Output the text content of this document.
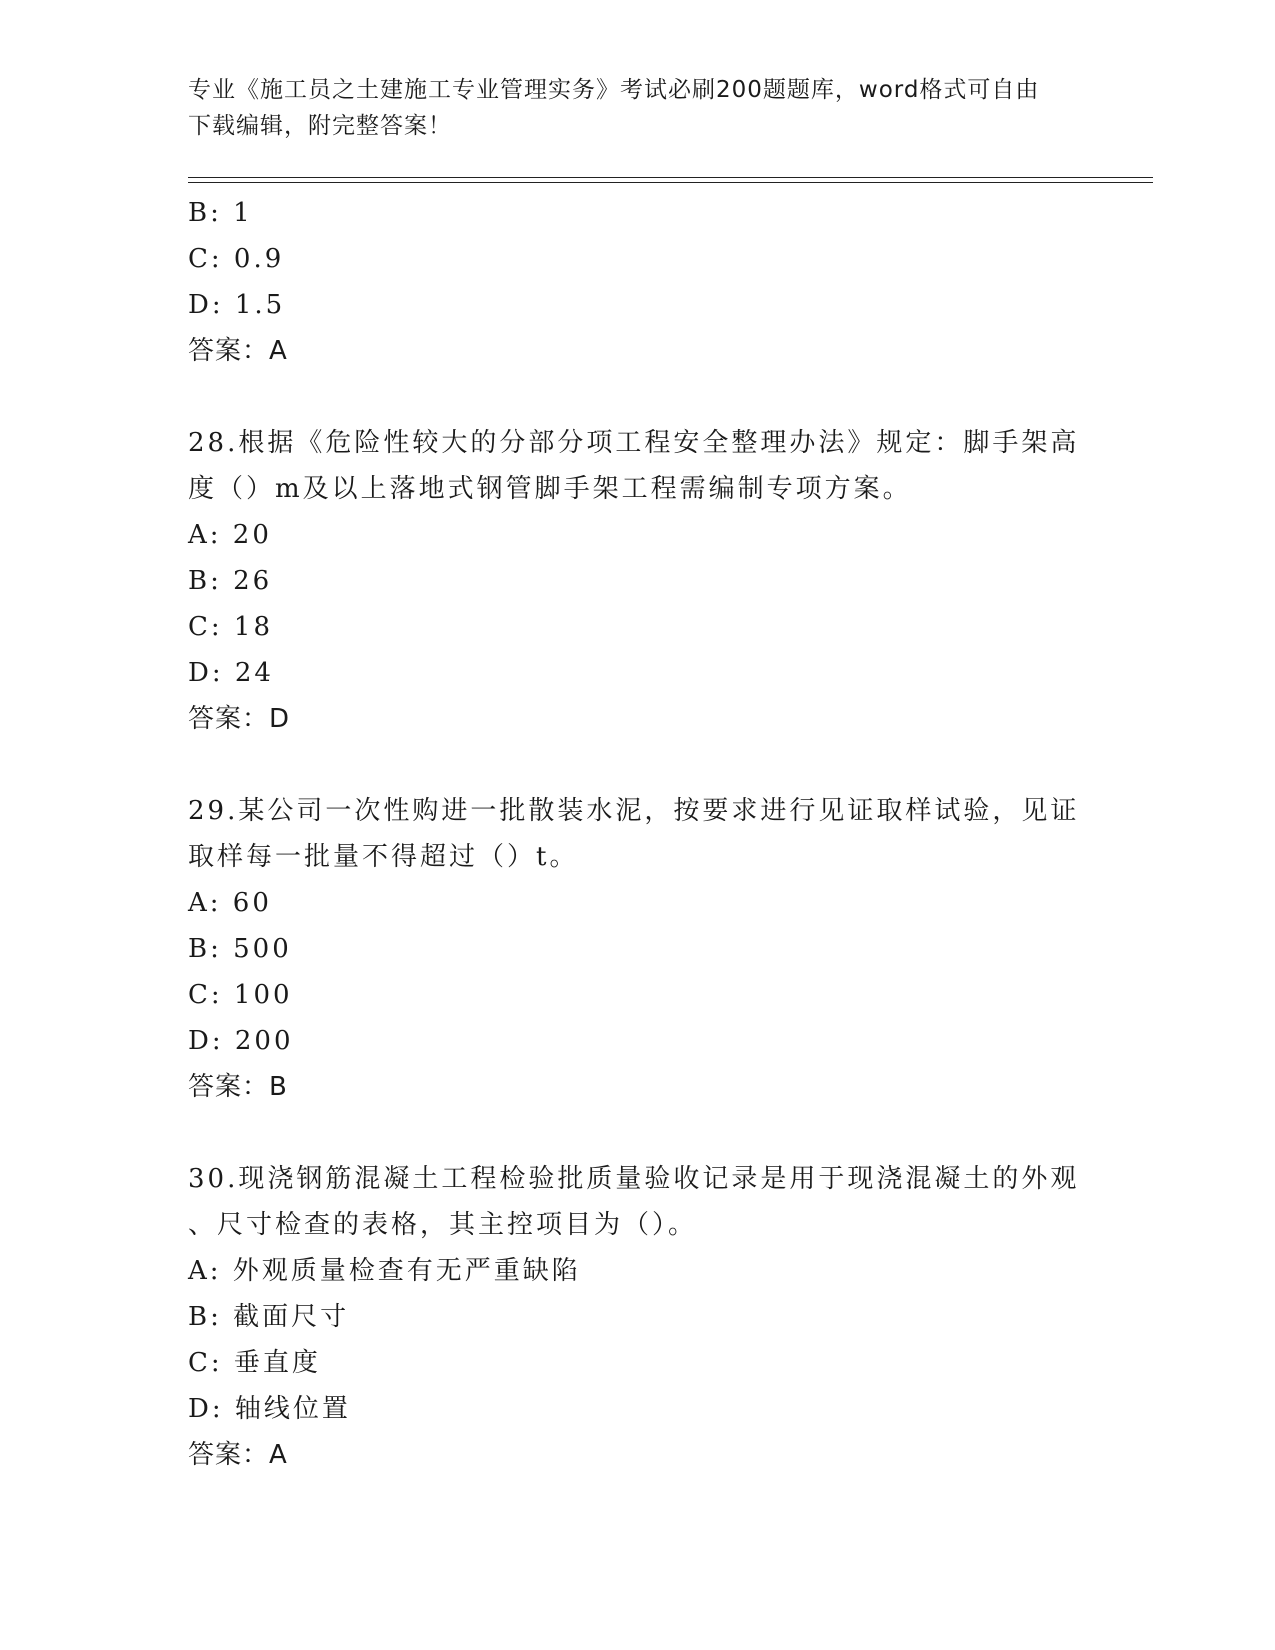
专业《施工员之土建施工专业管理实务》考试必刷200题题库，word格式可自由

下载编辑，附完整答案！

B: 1
C: 0.9
D: 1.5
答案：A
28.根据《危险性较大的分部分项工程安全整理办法》规定：脚手架高
度（）m及以上落地式钢管脚手架工程需编制专项方案。
A: 20
B: 26
C: 18
D: 24
答案：D
29.某公司一次性购进一批散装水泥，按要求进行见证取样试验，见证
取样每一批量不得超过（）t。
A: 60
B: 500
C: 100
D: 200
答案：B
30.现浇钢筋混凝土工程检验批质量验收记录是用于现浇混凝土的外观
、尺寸检查的表格，其主控项目为（）。
A: 外观质量检查有无严重缺陷
B: 截面尺寸
C: 垂直度
D: 轴线位置
答案：A
